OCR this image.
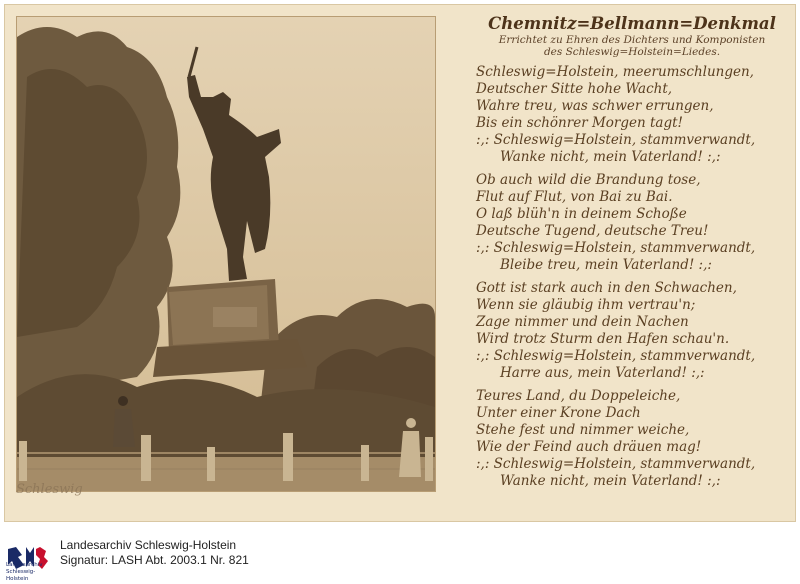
Schleswig
Chemnitz=Bellmann=Denkmal
Errichtet zu Ehren des Dichters und Komponisten
des Schleswig=Holstein=Liedes.
Schleswig=Holstein, meerumschlungen,
Deutscher Sitte hohe Wacht,
Wahre treu, was schwer errungen,
Bis ein schönrer Morgen tagt!
:,: Schleswig=Holstein, stammverwandt,
Wanke nicht, mein Vaterland! :,:
Ob auch wild die Brandung tose,
Flut auf Flut, von Bai zu Bai.
O laß blüh'n in deinem Schoße
Deutsche Tugend, deutsche Treu!
:,: Schleswig=Holstein, stammverwandt,
Bleibe treu, mein Vaterland! :,:
Gott ist stark auch in den Schwachen,
Wenn sie gläubig ihm vertrau'n;
Zage nimmer und dein Nachen
Wird trotz Sturm den Hafen schau'n.
:,: Schleswig=Holstein, stammverwandt,
Harre aus, mein Vaterland! :,:
Teures Land, du Doppeleiche,
Unter einer Krone Dach
Stehe fest und nimmer weiche,
Wie der Feind auch dräuen mag!
:,: Schleswig=Holstein, stammverwandt,
Wanke nicht, mein Vaterland! :,:
Landesarchiv
Schleswig-Holstein
Landesarchiv Schleswig-Holstein
Signatur: LASH Abt. 2003.1 Nr. 821
